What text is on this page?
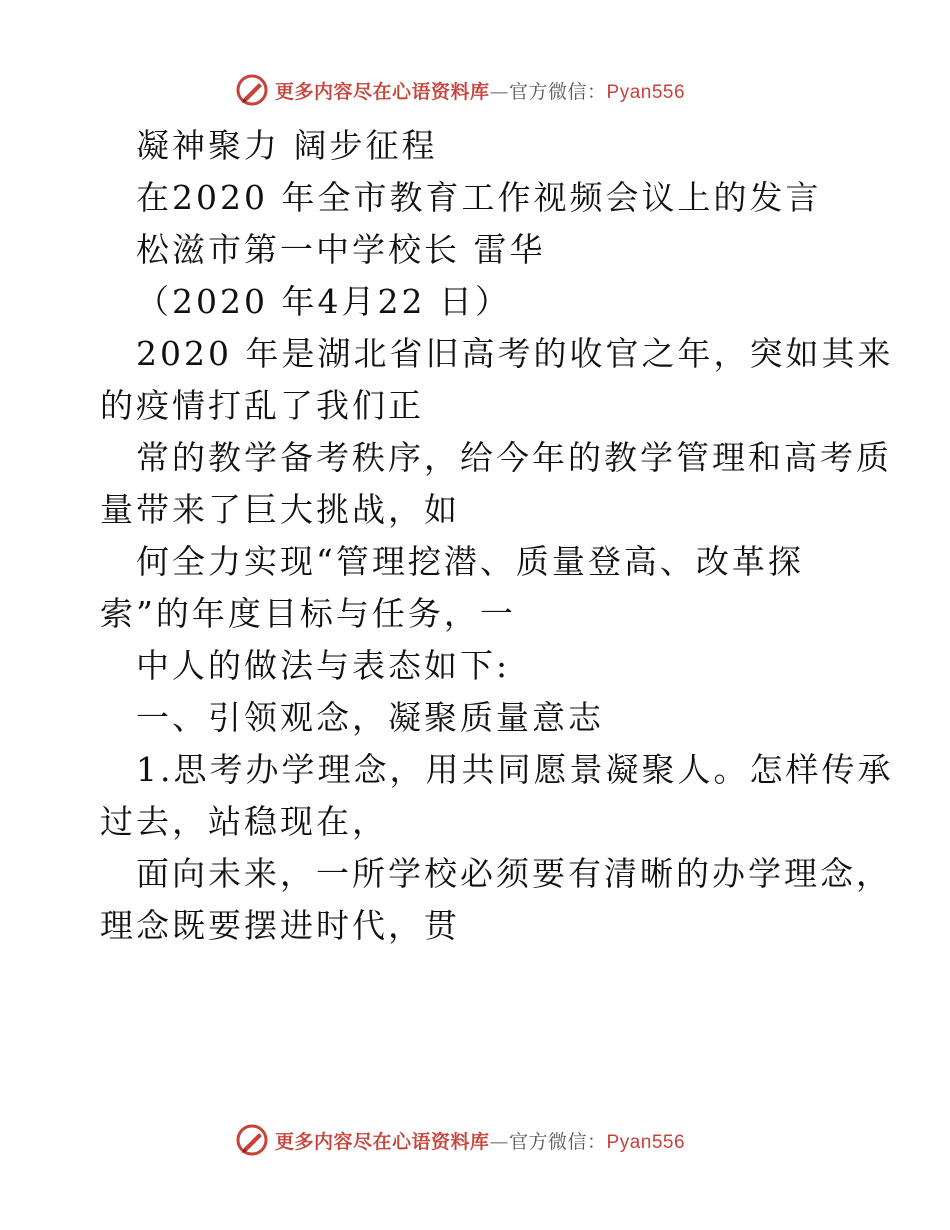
更多内容尽在心语资料库—官方微信：Pyan556
凝神聚力 阔步征程
在2020 年全市教育工作视频会议上的发言
松滋市第一中学校长 雷华
（2020 年4月22 日）
2020 年是湖北省旧高考的收官之年，突如其来
的疫情打乱了我们正
常的教学备考秩序，给今年的教学管理和高考质
量带来了巨大挑战，如
何全力实现“管理挖潜、质量登高、改革探
索”的年度目标与任务，一
中人的做法与表态如下:
一、引领观念，凝聚质量意志
1.思考办学理念，用共同愿景凝聚人。怎样传承
过去，站稳现在，
面向未来，一所学校必须要有清晰的办学理念，
理念既要摆进时代，贯
更多内容尽在心语资料库—官方微信：Pyan556
